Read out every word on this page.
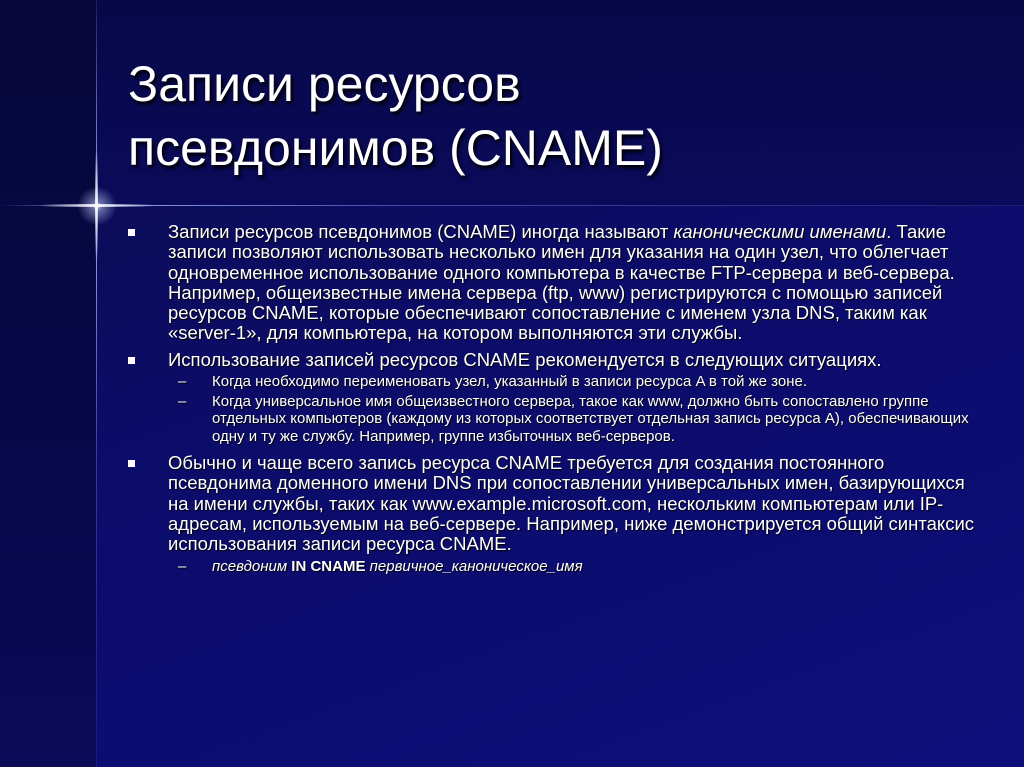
Записи ресурсов
псевдонимов (CNAME)
Записи ресурсов псевдонимов (CNAME) иногда называют каноническими именами. Такие записи позволяют использовать несколько имен для указания на один узел, что облегчает одновременное использование одного компьютера в качестве FTP-сервера и веб-сервера. Например, общеизвестные имена сервера (ftp, www) регистрируются с помощью записей ресурсов CNAME, которые обеспечивают сопоставление с именем узла DNS, таким как «server-1», для компьютера, на котором выполняются эти службы.
Использование записей ресурсов CNAME рекомендуется в следующих ситуациях.
– Когда необходимо переименовать узел, указанный в записи ресурса A в той же зоне.
– Когда универсальное имя общеизвестного сервера, такое как www, должно быть сопоставлено группе отдельных компьютеров (каждому из которых соответствует отдельная запись ресурса A), обеспечивающих одну и ту же службу. Например, группе избыточных веб-серверов.
Обычно и чаще всего запись ресурса CNAME требуется для создания постоянного псевдонима доменного имени DNS при сопоставлении универсальных имен, базирующихся на имени службы, таких как www.example.microsoft.com, нескольким компьютерам или IP-адресам, используемым на веб-сервере. Например, ниже демонстрируется общий синтаксис использования записи ресурса CNAME.
– псевдоним IN CNAME первичное_каноническое_имя
